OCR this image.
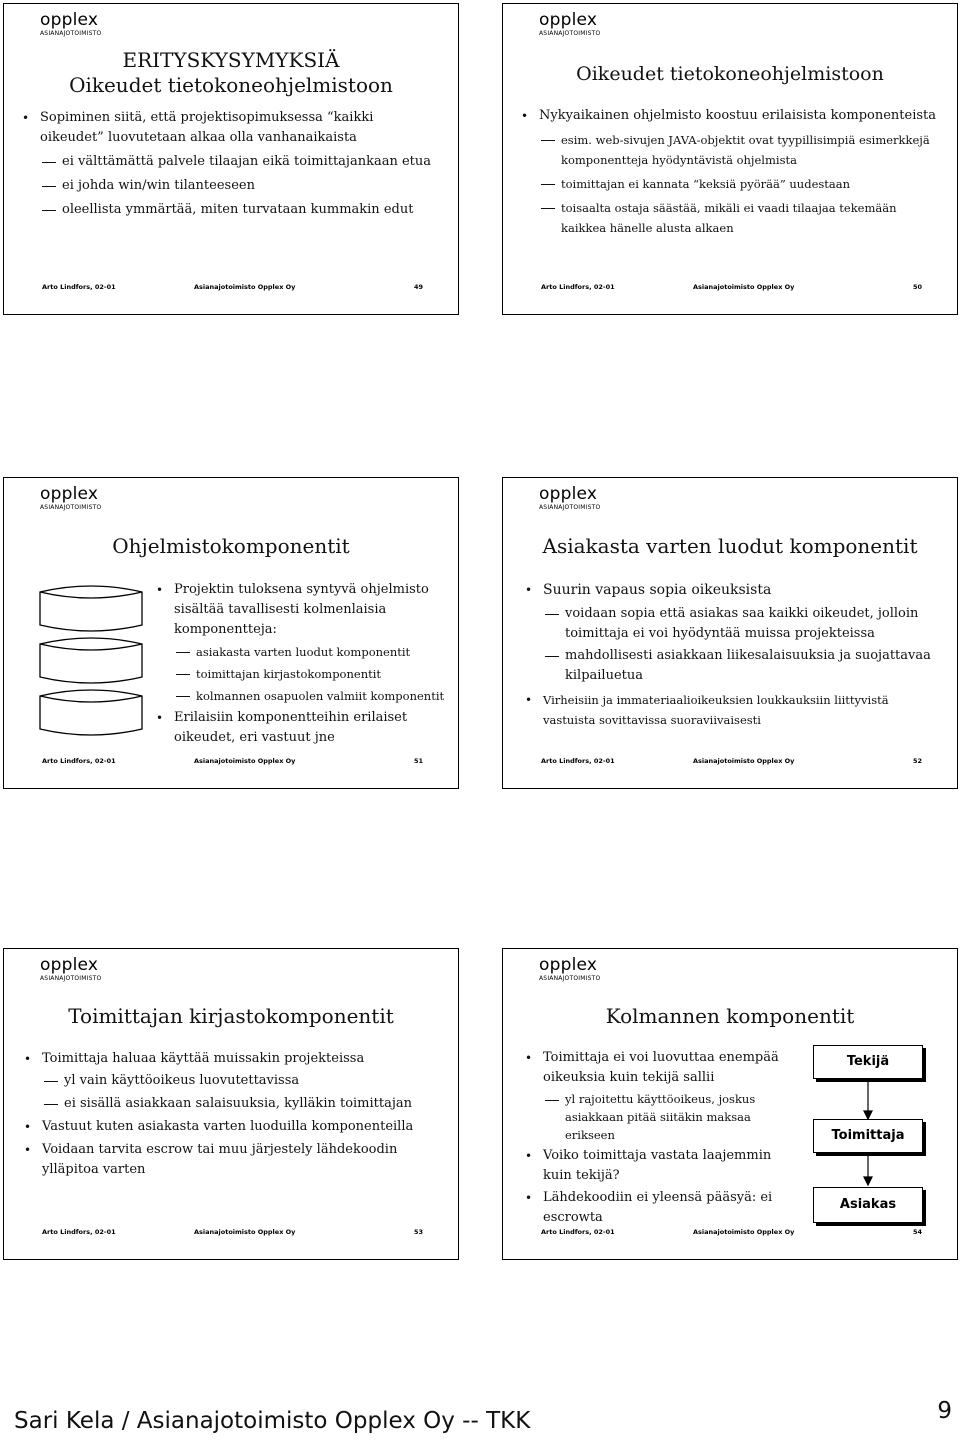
opplex
ASIANAJOTOIMISTO
ERITYSKYSYMYKSIÄ
Oikeudet tietokoneohjelmistoon
• Sopiminen siitä, että projektisopimuksessa “kaikki oikeudet” luovutetaan alkaa olla vanhanaikaista
ei välttämättä palvele tilaajan eikä toimittajankaan etua
ei johda win/win tilanteeseen
oleellista ymmärtää, miten turvataan kummakin edut
Arto Lindfors, 02-01	Asianajotoimisto Opplex Oy	49
opplex
ASIANAJOTOIMISTO
Oikeudet tietokoneohjelmistoon
• Nykyaikainen ohjelmisto koostuu erilaisista komponenteista
esim. web-sivujen JAVA-objektit ovat tyypillisimpiä esimerkkejä komponentteja hyödyntävistä ohjelmista
toimittajan ei kannata “keksiä pyörää” uudestaan
toisaalta ostaja säästää, mikäli ei vaadi tilaajaa tekemään kaikkea hänelle alusta alkaen
Arto Lindfors, 02-01	Asianajotoimisto Opplex Oy	50
opplex
ASIANAJOTOIMISTO
Ohjelmistokomponentit
• Projektin tuloksena syntyvä ohjelmisto sisältää tavallisesti kolmenlaisia komponentteja:
asiakasta varten luodut komponentit
toimittajan kirjastokomponentit
kolmannen osapuolen valmiit komponentit
• Erilaisiin komponentteihin erilaiset oikeudet, eri vastuut jne
Arto Lindfors, 02-01	Asianajotoimisto Opplex Oy	51
opplex
ASIANAJOTOIMISTO
Asiakasta varten luodut komponentit
• Suurin vapaus sopia oikeuksista
voidaan sopia että asiakas saa kaikki oikeudet, jolloin toimittaja ei voi hyödyntää muissa projekteissa
mahdollisesti asiakkaan liikesalaisuuksia ja suojattavaa kilpailuetua
• Virheisiin ja immateriaalioikeuksien loukkauksiin liittyvistä vastuista sovittavissa suoraviivaisesti
Arto Lindfors, 02-01	Asianajotoimisto Opplex Oy	52
opplex
ASIANAJOTOIMISTO
Toimittajan kirjastokomponentit
• Toimittaja haluaa käyttää muissakin projekteissa
yl vain käyttöoikeus luovutettavissa
ei sisällä asiakkaan salaisuuksia, kylläkin toimittajan
• Vastuut kuten asiakasta varten luoduilla komponenteilla
• Voidaan tarvita escrow tai muu järjestely lähdekoodin ylläpitoa varten
Arto Lindfors, 02-01	Asianajotoimisto Opplex Oy	53
opplex
ASIANAJOTOIMISTO
Kolmannen komponentit
• Toimittaja ei voi luovuttaa enempää oikeuksia kuin tekijä sallii
yl rajoitettu käyttöoikeus, joskus asiakkaan pitää siitäkin maksaa erikseen
• Voiko toimittaja vastata laajemmin kuin tekijä?
• Lähdekoodiin ei yleensä pääsyä: ei escrowta
Tekijä
Toimittaja
Asiakas
Arto Lindfors, 02-01	Asianajotoimisto Opplex Oy	54
Sari Kela / Asianajotoimisto Opplex Oy -- TKK	9
